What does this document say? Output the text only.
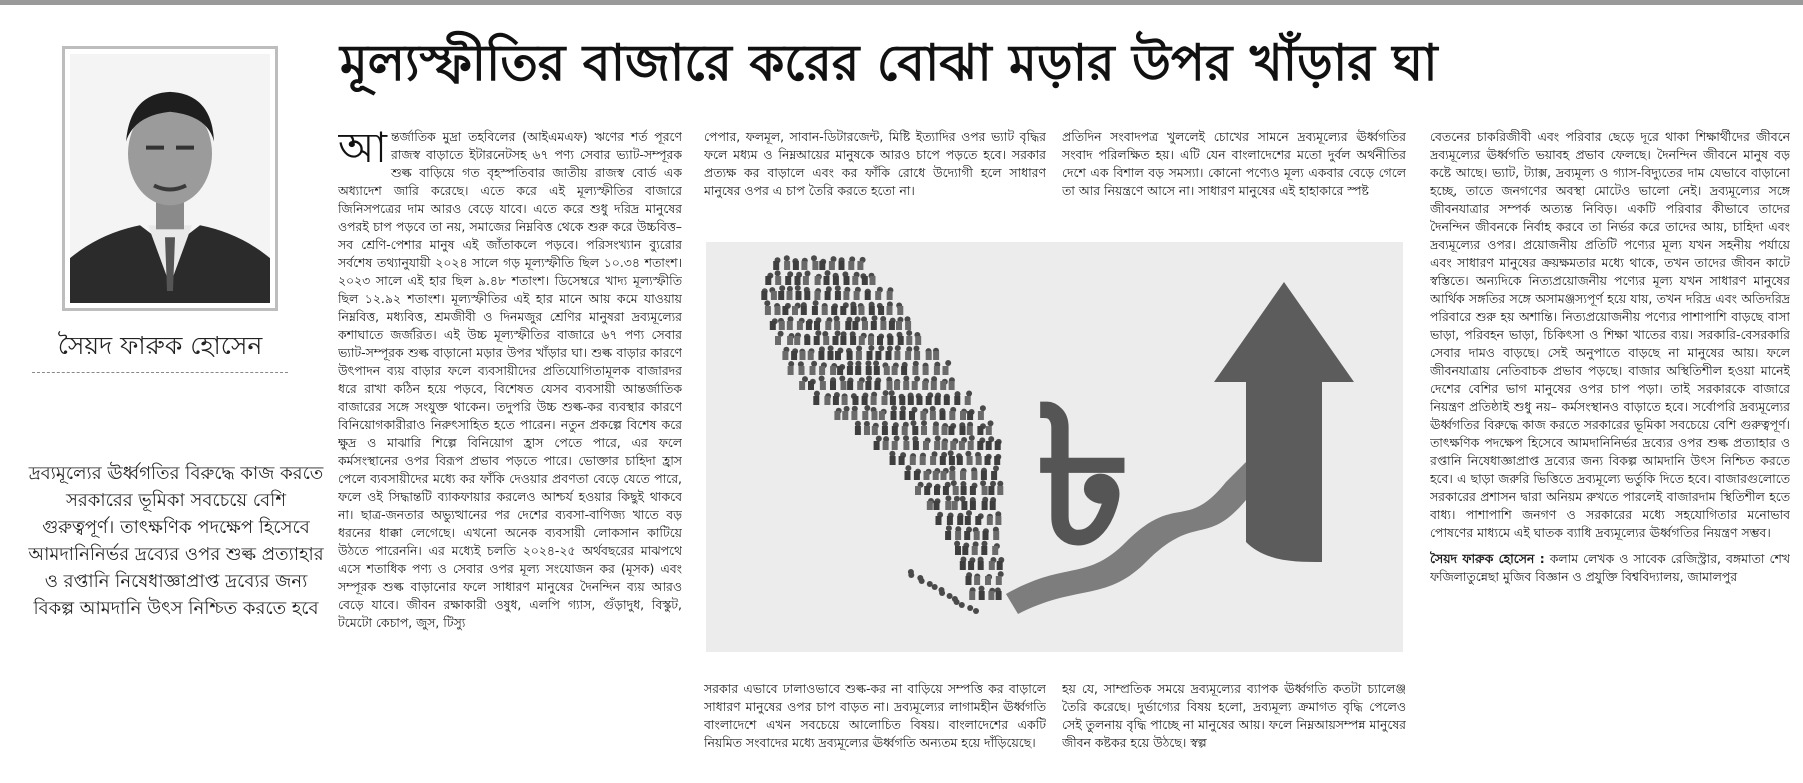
মূল্যস্ফীতির বাজারে করের বোঝা মড়ার উপর খাঁড়ার ঘা
সৈয়দ ফারুক হোসেন
দ্রব্যমূল্যের ঊর্ধ্বগতির বিরুদ্ধে কাজ করতে সরকারের ভূমিকা সবচেয়ে বেশি গুরুত্বপূর্ণ। তাৎক্ষণিক পদক্ষেপ হিসেবে আমদানিনির্ভর দ্রব্যের ওপর শুল্ক প্রত্যাহার ও রপ্তানি নিষেধাজ্ঞাপ্রাপ্ত দ্রব্যের জন্য বিকল্প আমদানি উৎস নিশ্চিত করতে হবে
আ ন্তর্জাতিক মুদ্রা তহবিলের (আইএমএফ) ঋণের শর্ত পূরণে রাজস্ব বাড়াতে ইটারনেটসহ ৬৭ পণ্য সেবার ভ্যাট-সম্পূরক শুল্ক বাড়িয়ে গত বৃহস্পতিবার জাতীয় রাজস্ব বোর্ড এক অধ্যাদেশ জারি করেছে। এতে করে এই মূল্যস্ফীতির বাজারে জিনিসপত্রের দাম আরও বেড়ে যাবে। এতে করে শুধু দরিদ্র মানুষের ওপরই চাপ পড়বে তা নয়, সমাজের নিম্নবিত্ত থেকে শুরু করে উচ্চবিত্ত– সব শ্রেণি-পেশার মানুষ এই জাঁতাকলে পড়বে। পরিসংখ্যান ব্যুরোর সর্বশেষ তথ্যানুযায়ী ২০২৪ সালে গড় মূল্যস্ফীতি ছিল ১০.৩৪ শতাংশ। ২০২৩ সালে এই হার ছিল ৯.৪৮ শতাংশ। ডিসেম্বরে খাদ্য মূল্যস্ফীতি ছিল ১২.৯২ শতাংশ। মূল্যস্ফীতির এই হার মানে আয় কমে যাওয়ায় নিম্নবিত্ত, মধ্যবিত্ত, শ্রমজীবী ও দিনমজুর শ্রেণির মানুষরা দ্রব্যমূল্যের কশাঘাতে জর্জরিত। এই উচ্চ মূল্যস্ফীতির বাজারে ৬৭ পণ্য সেবার ভ্যাট-সম্পূরক শুল্ক বাড়ানো মড়ার উপর খাঁড়ার ঘা। শুল্ক বাড়ার কারণে উৎপাদন ব্যয় বাড়ার ফলে ব্যবসায়ীদের প্রতিযোগিতামূলক বাজারদর ধরে রাখা কঠিন হয়ে পড়বে, বিশেষত যেসব ব্যবসায়ী আন্তর্জাতিক বাজারের সঙ্গে সংযুক্ত থাকেন। তদুপরি উচ্চ শুল্ক-কর ব্যবস্থার কারণে বিনিয়োগকারীরাও নিরুৎসাহিত হতে পারেন। নতুন প্রকল্পে বিশেষ করে ক্ষুদ্র ও মাঝারি শিল্পে বিনিয়োগ হ্রাস পেতে পারে, এর ফলে কর্মসংস্থানের ওপর বিরূপ প্রভাব পড়তে পারে। ভোক্তার চাহিদা হ্রাস পেলে ব্যবসায়ীদের মধ্যে কর ফাঁকি দেওয়ার প্রবণতা বেড়ে যেতে পারে, ফলে ওই সিদ্ধান্তটি ব্যাকফায়ার করলেও আশ্চর্য হওয়ার কিছুই থাকবে না। ছাত্র-জনতার অভ্যুত্থানের পর দেশের ব্যবসা-বাণিজ্য খাতে বড় ধরনের ধাক্কা লেগেছে। এখনো অনেক ব্যবসায়ী লোকসান কাটিয়ে উঠতে পারেননি। এর মধ্যেই চলতি ২০২৪-২৫ অর্থবছরের মাঝপথে এসে শতাধিক পণ্য ও সেবার ওপর মূল্য সংযোজন কর (মূসক) এবং সম্পূরক শুল্ক বাড়ানোর ফলে সাধারণ মানুষের দৈনন্দিন ব্যয় আরও বেড়ে যাবে। জীবন রক্ষাকারী ওষুধ, এলপি গ্যাস, গুঁড়াদুধ, বিস্কুট, টমেটো কেচাপ, জুস, টিস্যু

পেপার, ফলমূল, সাবান-ডিটারজেন্ট, মিষ্টি ইত্যাদির ওপর ভ্যাট বৃদ্ধির ফলে মধ্যম ও নিম্নআয়ের মানুষকে আরও চাপে পড়তে হবে। সরকার প্রত্যক্ষ কর বাড়ালে এবং কর ফাঁকি রোধে উদ্যোগী হলে সাধারণ মানুষের ওপর এ চাপ তৈরি করতে হতো না।

প্রতিদিন সংবাদপত্র খুললেই চোখের সামনে দ্রব্যমূল্যের ঊর্ধ্বগতির সংবাদ পরিলক্ষিত হয়। এটি যেন বাংলাদেশের মতো দুর্বল অর্থনীতির দেশে এক বিশাল বড় সমস্যা। কোনো পণ্যেও মূল্য একবার বেড়ে গেলে তা আর নিয়ন্ত্রণে আসে না। সাধারণ মানুষের এই হাহাকারে স্পষ্ট

বেতনের চাকরিজীবী এবং পরিবার ছেড়ে দূরে থাকা শিক্ষার্থীদের জীবনে দ্রব্যমূল্যের ঊর্ধ্বগতি ভয়াবহ প্রভাব ফেলছে। দৈনন্দিন জীবনে মানুষ বড় কষ্টে আছে। ভ্যাট, ট্যাক্স, দ্রব্যমূল্য ও গ্যাস-বিদ্যুতের দাম যেভাবে বাড়ানো হচ্ছে, তাতে জনগণের অবস্থা মোটেও ভালো নেই। দ্রব্যমূল্যের সঙ্গে জীবনযাত্রার সম্পর্ক অত্যন্ত নিবিড়। একটি পরিবার কীভাবে তাদের দৈনন্দিন জীবনকে নির্বাহ করবে তা নির্ভর করে তাদের আয়, চাহিদা এবং দ্রব্যমূল্যের ওপর। প্রয়োজনীয় প্রতিটি পণ্যের মূল্য যখন সহনীয় পর্যায়ে এবং সাধারণ মানুষের ক্রয়ক্ষমতার মধ্যে থাকে, তখন তাদের জীবন কাটে স্বস্তিতে। অন্যদিকে নিত্যপ্রয়োজনীয় পণ্যের মূল্য যখন সাধারণ মানুষের আর্থিক সঙ্গতির সঙ্গে অসামঞ্জস্যপূর্ণ হয়ে যায়, তখন দরিদ্র এবং অতিদরিদ্র পরিবারে শুরু হয় অশান্তি। নিত্যপ্রয়োজনীয় পণ্যের পাশাপাশি বাড়ছে বাসা ভাড়া, পরিবহন ভাড়া, চিকিৎসা ও শিক্ষা খাতের ব্যয়। সরকারি-বেসরকারি সেবার দামও বাড়ছে। সেই অনুপাতে বাড়ছে না মানুষের আয়। ফলে জীবনযাত্রায় নেতিবাচক প্রভাব পড়ছে। বাজার অস্থিতিশীল হওয়া মানেই দেশের বেশির ভাগ মানুষের ওপর চাপ পড়া। তাই সরকারকে বাজারে নিয়ন্ত্রণ প্রতিষ্ঠাই শুধু নয়– কর্মসংস্থানও বাড়াতে হবে। সর্বোপরি দ্রব্যমূল্যের ঊর্ধ্বগতির বিরুদ্ধে কাজ করতে সরকারের ভূমিকা সবচেয়ে বেশি গুরুত্বপূর্ণ। তাৎক্ষণিক পদক্ষেপ হিসেবে আমদানিনির্ভর দ্রব্যের ওপর শুল্ক প্রত্যাহার ও রপ্তানি নিষেধাজ্ঞাপ্রাপ্ত দ্রব্যের জন্য বিকল্প আমদানি উৎস নিশ্চিত করতে হবে। এ ছাড়া জরুরি ভিত্তিতে দ্রব্যমূল্যে ভর্তুকি দিতে হবে। বাজারগুলোতে সরকারের প্রশাসন দ্বারা অনিয়ম রুখতে পারলেই বাজারদাম স্থিতিশীল হতে বাধ্য। পাশাপাশি জনগণ ও সরকারের মধ্যে সহযোগিতার মনোভাব পোষণের মাধ্যমে এই ঘাতক ব্যাধি দ্রব্যমূল্যের ঊর্ধ্বগতির নিয়ন্ত্রণ সম্ভব।

সৈয়দ ফারুক হোসেন : কলাম লেখক ও সাবেক রেজিস্ট্রার, বঙ্গমাতা শেখ ফজিলাতুন্নেছা মুজিব বিজ্ঞান ও প্রযুক্তি বিশ্ববিদ্যালয়, জামালপুর

৳

সরকার এভাবে ঢালাওভাবে শুল্ক-কর না বাড়িয়ে সম্পত্তি কর বাড়ালে সাধারণ মানুষের ওপর চাপ বাড়ত না। দ্রব্যমূল্যের লাগামহীন ঊর্ধ্বগতি বাংলাদেশে এখন সবচেয়ে আলোচিত বিষয়। বাংলাদেশের একটি নিয়মিত সংবাদের মধ্যে দ্রব্যমূল্যের ঊর্ধ্বগতি অন্যতম হয়ে দাঁড়িয়েছে।

হয় যে, সাম্প্রতিক সময়ে দ্রব্যমূল্যের ব্যাপক ঊর্ধ্বগতি কতটা চ্যালেঞ্জ তৈরি করেছে। দুর্ভাগ্যের বিষয় হলো, দ্রব্যমূল্য ক্রমাগত বৃদ্ধি পেলেও সেই তুলনায় বৃদ্ধি পাচ্ছে না মানুষের আয়। ফলে নিম্নআয়সম্পন্ন মানুষের জীবন কষ্টকর হয়ে উঠছে। স্বল্প
